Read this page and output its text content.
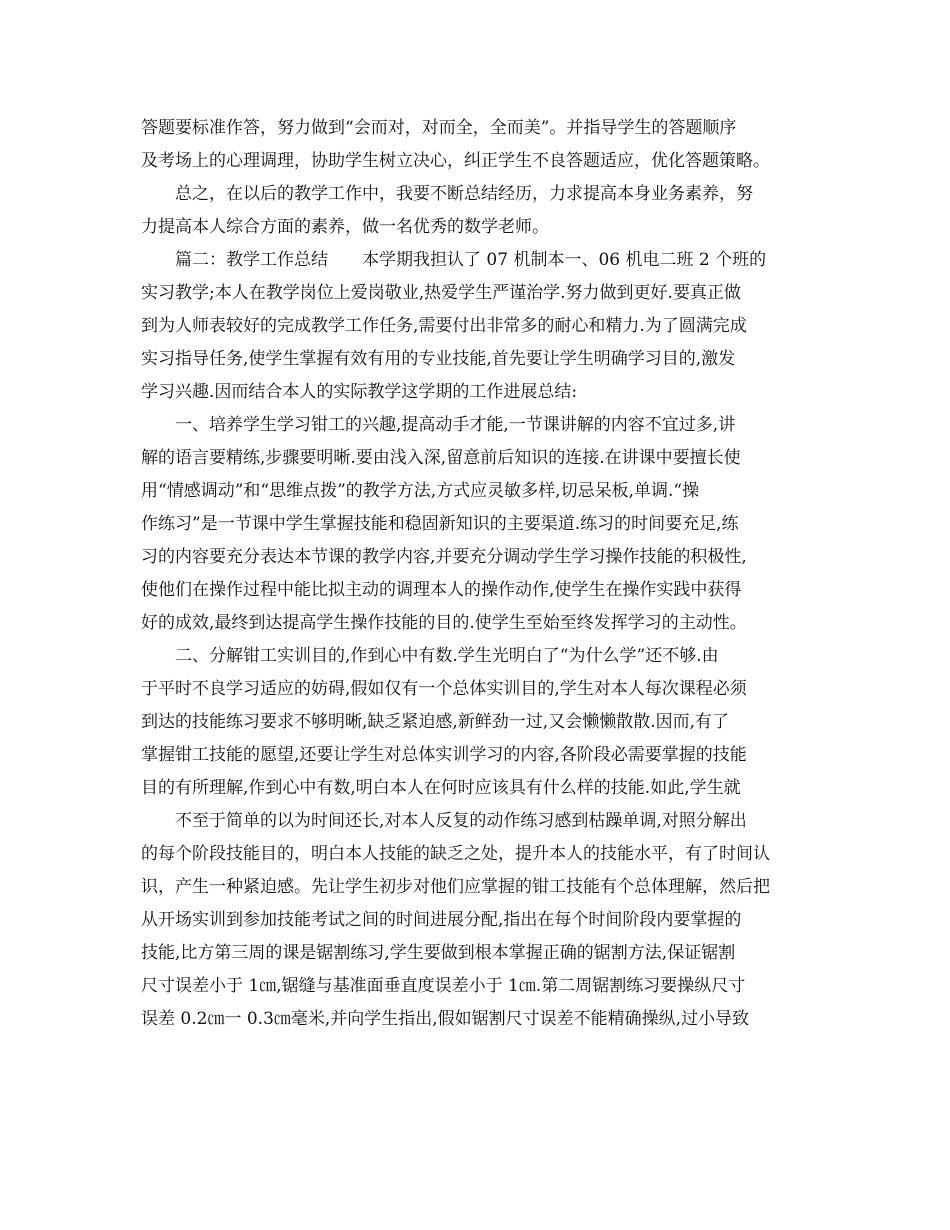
答题要标准作答，努力做到“会而对，对而全，全而美”。并指导学生的答题顺序
及考场上的心理调理，协助学生树立决心，纠正学生不良答题适应，优化答题策略。
总之，在以后的教学工作中，我要不断总结经历，力求提高本身业务素养，努
力提高本人综合方面的素养，做一名优秀的数学老师。
篇二：教学工作总结　　本学期我担认了 07 机制本一、06 机电二班 2 个班的
实习教学;本人在教学岗位上爱岗敬业,热爱学生严谨治学.努力做到更好.要真正做
到为人师表较好的完成教学工作任务,需要付出非常多的耐心和精力.为了圆满完成
实习指导任务,使学生掌握有效有用的专业技能,首先要让学生明确学习目的,激发
学习兴趣.因而结合本人的实际教学这学期的工作进展总结:
一、培养学生学习钳工的兴趣,提高动手才能,一节课讲解的内容不宜过多,讲
解的语言要精练,步骤要明晰.要由浅入深,留意前后知识的连接.在讲课中要擅长使
用“情感调动”和“思维点拨”的教学方法,方式应灵敏多样,切忌呆板,单调.“操
作练习”是一节课中学生掌握技能和稳固新知识的主要渠道.练习的时间要充足,练
习的内容要充分表达本节课的教学内容,并要充分调动学生学习操作技能的积极性,
使他们在操作过程中能比拟主动的调理本人的操作动作,使学生在操作实践中获得
好的成效,最终到达提高学生操作技能的目的.使学生至始至终发挥学习的主动性。
二、分解钳工实训目的,作到心中有数.学生光明白了“为什么学”还不够.由
于平时不良学习适应的妨碍,假如仅有一个总体实训目的,学生对本人每次课程必须
到达的技能练习要求不够明晰,缺乏紧迫感,新鲜劲一过,又会懒懒散散.因而,有了
掌握钳工技能的愿望,还要让学生对总体实训学习的内容,各阶段必需要掌握的技能
目的有所理解,作到心中有数,明白本人在何时应该具有什么样的技能.如此,学生就
不至于简单的以为时间还长,对本人反复的动作练习感到枯躁单调,对照分解出
的每个阶段技能目的，明白本人技能的缺乏之处，提升本人的技能水平，有了时间认
识，产生一种紧迫感。先让学生初步对他们应掌握的钳工技能有个总体理解，然后把
从开场实训到参加技能考试之间的时间进展分配,指出在每个时间阶段内要掌握的
技能,比方第三周的课是锯割练习,学生要做到根本掌握正确的锯割方法,保证锯割
尺寸误差小于 1㎝,锯缝与基准面垂直度误差小于 1㎝.第二周锯割练习要操纵尺寸
误差 0.2㎝一 0.3㎝毫米,并向学生指出,假如锯割尺寸误差不能精确操纵,过小导致
